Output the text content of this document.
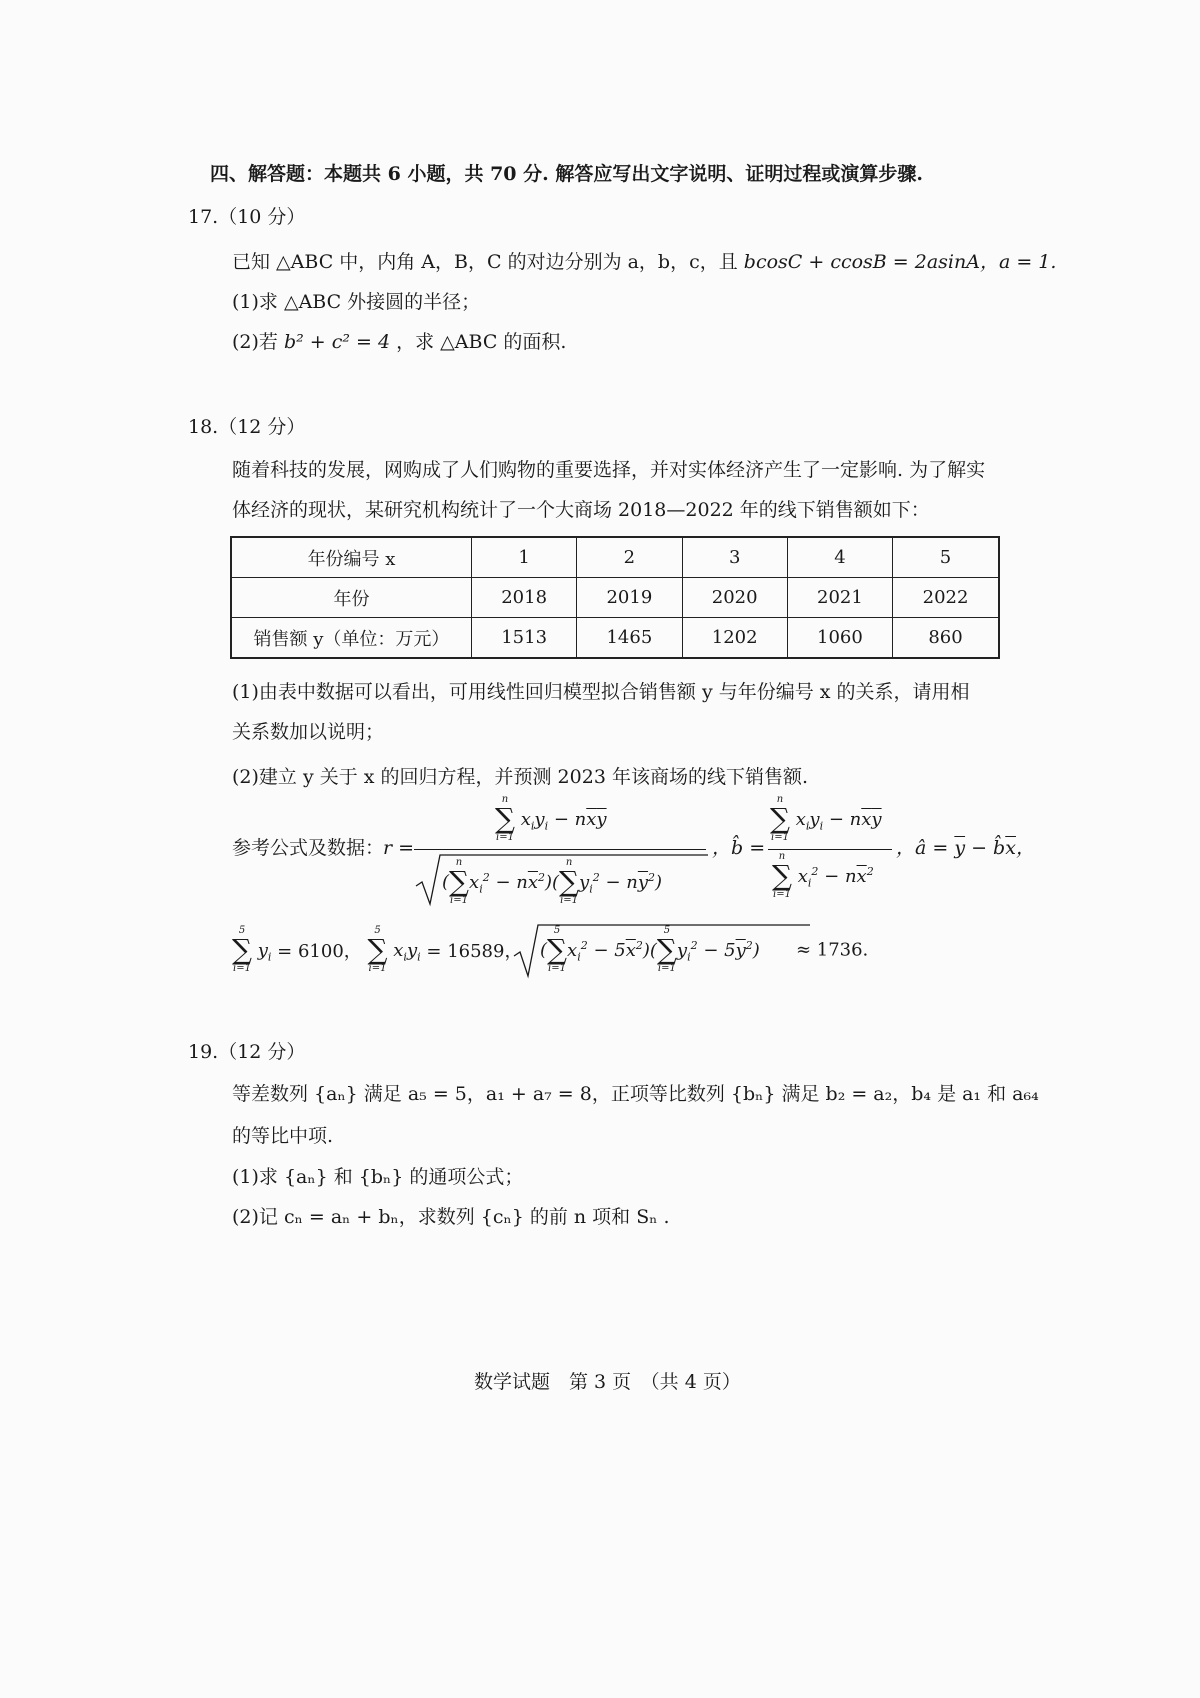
四、解答题：本题共 6 小题，共 70 分. 解答应写出文字说明、证明过程或演算步骤.
17.（10 分）
已知 △ABC 中，内角 A，B，C 的对边分别为 a，b，c，且 bcosC + ccosB = 2asinA，a = 1.
(1)求 △ABC 外接圆的半径；
(2)若 b² + c² = 4 ，求 △ABC 的面积.
18.（12 分）
随着科技的发展，网购成了人们购物的重要选择，并对实体经济产生了一定影响. 为了解实
体经济的现状，某研究机构统计了一个大商场 2018—2022 年的线下销售额如下：
年份编号 x	1	2	3	4	5
年份	2018	2019	2020	2021	2022
销售额 y（单位：万元）	1513	1465	1202	1060	860
(1)由表中数据可以看出，可用线性回归模型拟合销售额 y 与年份编号 x 的关系，请用相
关系数加以说明；
(2)建立 y 关于 x 的回归方程，并预测 2023 年该商场的线下销售额.
参考公式及数据：
r =
n
∑
i=1
$x_iy_i - n\overline{x}\overline{y}$
(
n
∑
i=1
$x_i^2 - n\overline{x}^2$)(
n
∑
i=1
$y_i^2 - n\overline{y}^2$)
，b̂ =
n
∑
i=1
$x_iy_i - n\overline{x}\overline{y}$
n
∑
i=1
$x_i^2 - n\overline{x}^2$
，â = $\overline{y}$ − $b̂\overline{x}$，
5
∑
i=1
$y_i = 6100$，
5
∑
i=1
$x_iy_i = 16589$，	≈ 1736.
(
5
∑
i=1
$x_i^2 - 5\overline{x}^2$)(
5
∑
i=1
$y_i^2 - 5\overline{y}^2$)
19.（12 分）
等差数列 {aₙ} 满足 a₅ = 5，a₁ + a₇ = 8，正项等比数列 {bₙ} 满足 b₂ = a₂，b₄ 是 a₁ 和 a₆₄
的等比中项.
(1)求 {aₙ} 和 {bₙ} 的通项公式；
(2)记 cₙ = aₙ + bₙ，求数列 {cₙ} 的前 n 项和 Sₙ .
数学试题　第 3 页　（共 4 页）
